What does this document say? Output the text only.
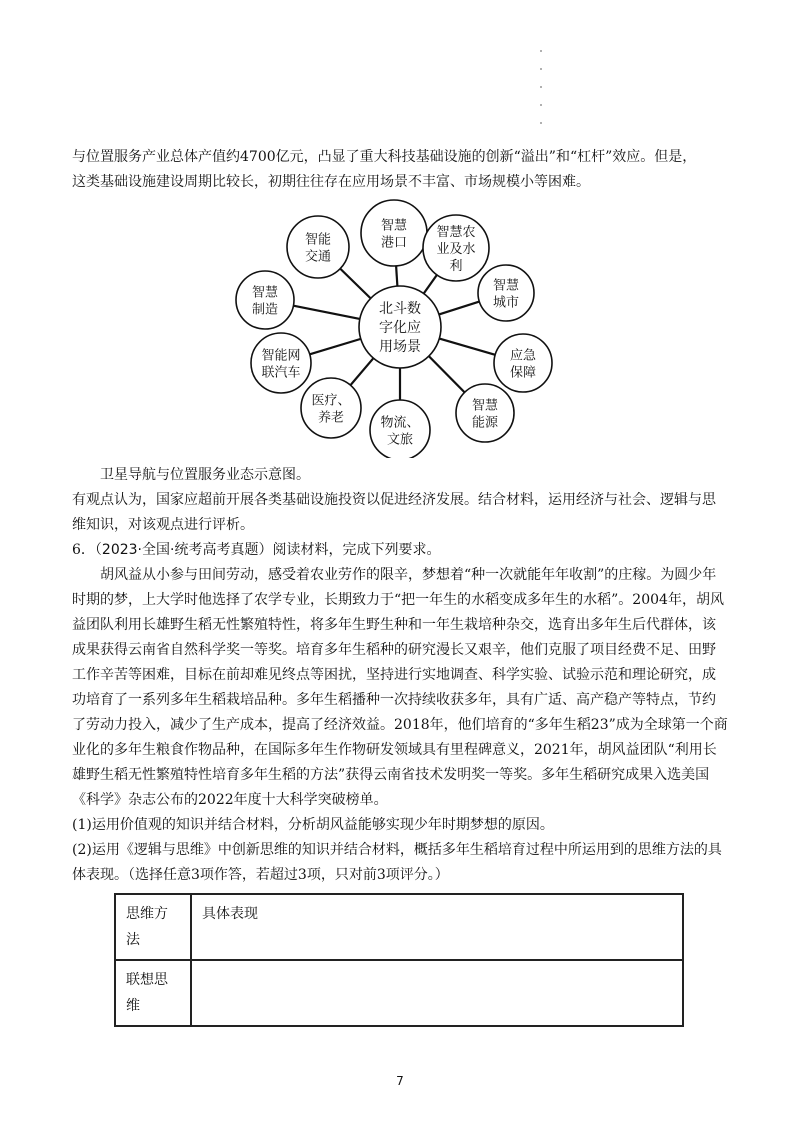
与位置服务产业总体产值约4700亿元，凸显了重大科技基础设施的创新“溢出”和“杠杆”效应。但是，
这类基础设施建设周期比较长，初期往往存在应用场景不丰富、市场规模小等困难。
北斗数
字化应
用场景
智慧
港口
智慧农
业及水
利
智慧
城市
应急
保障
智慧
能源
物流、
文旅
医疗、
养老
智能网
联汽车
智慧
制造
智能
交通
卫星导航与位置服务业态示意图。
有观点认为，国家应超前开展各类基础设施投资以促进经济发展。结合材料，运用经济与社会、逻辑与思维知识，对该观点进行评析。
6．（2023·全国·统考高考真题）阅读材料，完成下列要求。
胡风益从小参与田间劳动，感受着农业劳作的限辛，梦想着“种一次就能年年收割”的庄稼。为圆少年时期的梦，上大学时他选择了农学专业，长期致力于“把一年生的水稻变成多年生的水稻”。2004年，胡风益团队利用长雄野生稻无性繁殖特性，将多年生野生种和一年生栽培种杂交，选育出多年生后代群体，该成果获得云南省自然科学奖一等奖。培育多年生稻种的研究漫长又艰辛，他们克服了项目经费不足、田野工作辛苦等困难，目标在前却难见终点等困扰，坚持进行实地调查、科学实验、试验示范和理论研究，成功培育了一系列多年生稻栽培品种。多年生稻播种一次持续收获多年，具有广适、高产稳产等特点，节约了劳动力投入，减少了生产成本，提高了经济效益。2018年，他们培育的“多年生稻23”成为全球第一个商业化的多年生粮食作物品种，在国际多年生作物研发领域具有里程碑意义，2021年，胡风益团队“利用长雄野生稻无性繁殖特性培育多年生稻的方法”获得云南省技术发明奖一等奖。多年生稻研究成果入选美国《科学》杂志公布的2022年度十大科学突破榜单。
(1)运用价值观的知识并结合材料，分析胡风益能够实现少年时期梦想的原因。
(2)运用《逻辑与思维》中创新思维的知识并结合材料，概括多年生稻培育过程中所运用到的思维方法的具体表现。（选择任意3项作答，若超过3项，只对前3项评分。）
思维方法	具体表现
联想思维	
7
